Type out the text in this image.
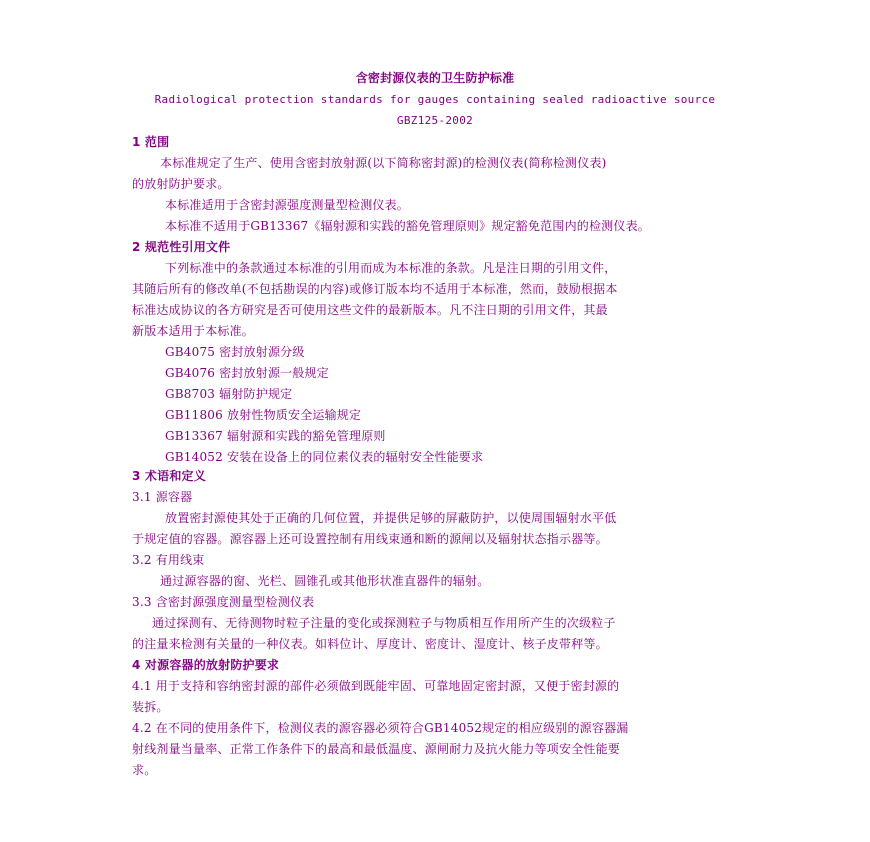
含密封源仪表的卫生防护标准
Radiological protection standards for gauges containing sealed radioactive source
GBZ125-2002
1 范围
本标准规定了生产、使用含密封放射源(以下简称密封源)的检测仪表(简称检测仪表)
的放射防护要求。
本标准适用于含密封源强度测量型检测仪表。
本标准不适用于GB13367《辐射源和实践的豁免管理原则》规定豁免范围内的检测仪表。
2 规范性引用文件
下列标准中的条款通过本标准的引用而成为本标准的条款。凡是注日期的引用文件，
其随后所有的修改单(不包括勘误的内容)或修订版本均不适用于本标准，然而，鼓励根据本
标准达成协议的各方研究是否可使用这些文件的最新版本。凡不注日期的引用文件，其最
新版本适用于本标准。
GB4075 密封放射源分级
GB4076 密封放射源一般规定
GB8703 辐射防护规定
GB11806 放射性物质安全运输规定
GB13367 辐射源和实践的豁免管理原则
GB14052 安装在设备上的同位素仪表的辐射安全性能要求
3 术语和定义
3.1 源容器
放置密封源使其处于正确的几何位置，并提供足够的屏蔽防护，以使周围辐射水平低
于规定值的容器。源容器上还可设置控制有用线束通和断的源闸以及辐射状态指示器等。
3.2 有用线束
通过源容器的窗、光栏、圆锥孔或其他形状准直器件的辐射。
3.3 含密封源强度测量型检测仪表
通过探测有、无待测物时粒子注量的变化或探测粒子与物质相互作用所产生的次级粒子
的注量来检测有关量的一种仪表。如料位计、厚度计、密度计、湿度计、核子皮带秤等。
4 对源容器的放射防护要求
4.1 用于支持和容纳密封源的部件必须做到既能牢固、可靠地固定密封源，又便于密封源的
装拆。
4.2 在不同的使用条件下，检测仪表的源容器必须符合GB14052规定的相应级别的源容器漏
射线剂量当量率、正常工作条件下的最高和最低温度、源闸耐力及抗火能力等项安全性能要
求。
